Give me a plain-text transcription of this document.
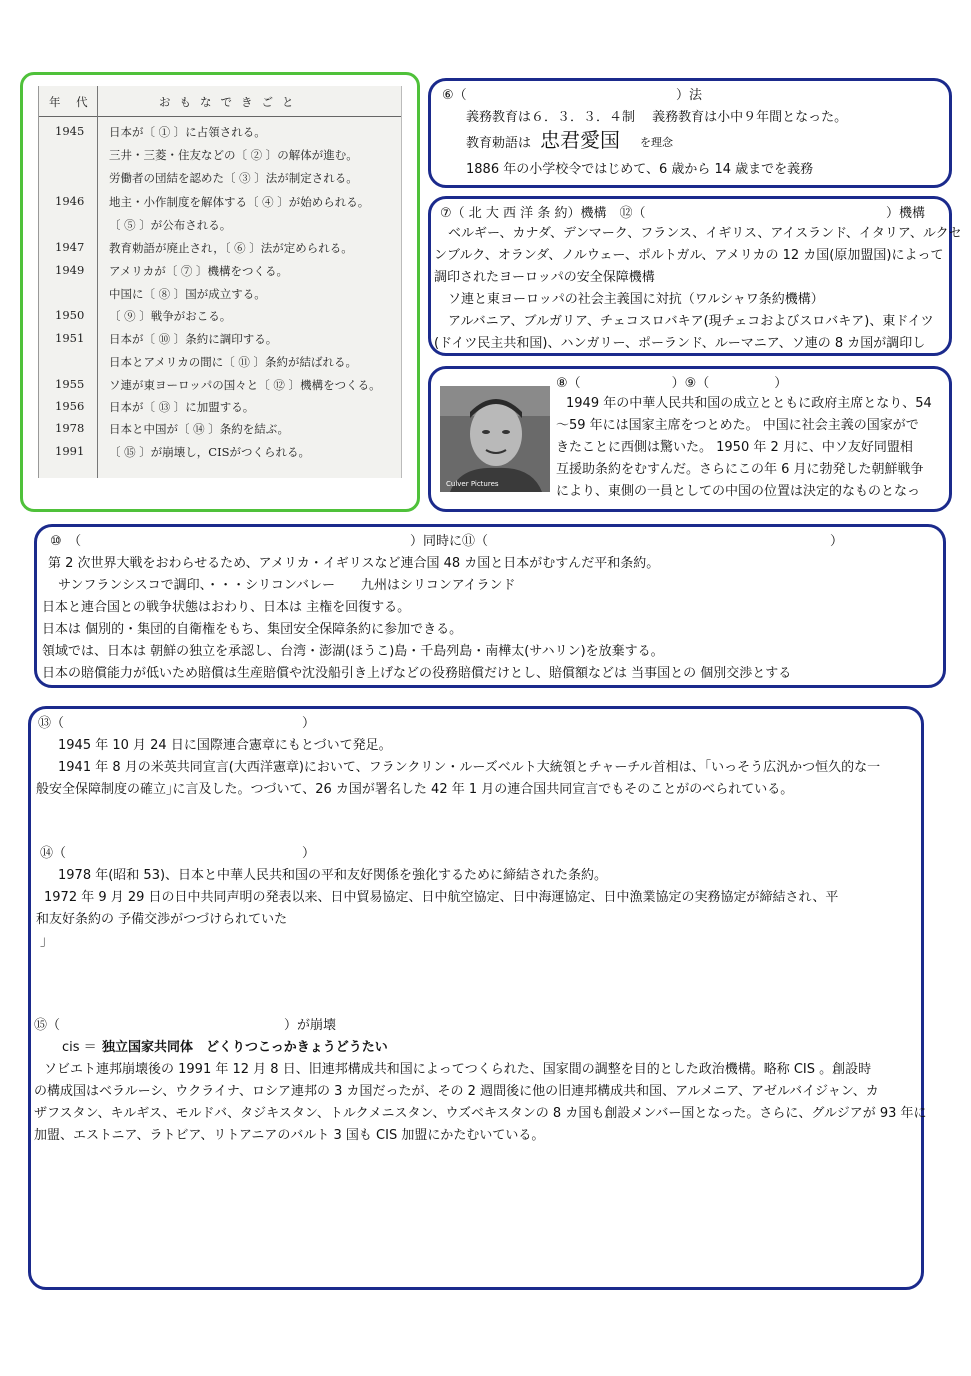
年 代	おもなできごと
1945 日本が〔 ① 〕に占領される。
三井・三菱・住友などの〔 ② 〕の解体が進む。
労働者の団結を認めた〔 ③ 〕法が制定される。
1946 地主・小作制度を解体する〔 ④ 〕が始められる。
〔 ⑤ 〕が公布される。
1947 教育勅語が廃止され，〔 ⑥ 〕法が定められる。
1949 アメリカが〔 ⑦ 〕機構をつくる。
中国に〔 ⑧ 〕国が成立する。
1950 〔 ⑨ 〕戦争がおこる。
1951 日本が〔 ⑩ 〕条約に調印する。
日本とアメリカの間に〔 ⑪ 〕条約が結ばれる。
1955 ソ連が東ヨーロッパの国々と〔 ⑫ 〕機構をつくる。
1956 日本が〔 ⑬ 〕に加盟する。
1978 日本と中国が〔 ⑭ 〕条約を結ぶ。
1991 〔 ⑮ 〕が崩壊し，CISがつくられる。
⑥（	）法
義務教育は６．３．３．４制　 義務教育は小中９年間となった。
教育勅語は 忠君愛国 を理念
1886 年の小学校令ではじめて、6 歳から 14 歳までを義務
⑦（ 北 大 西 洋 条 約）機構　⑫（	）機構
ベルギー、カナダ、デンマーク、フランス、イギリス、アイスランド、イタリア、ルクセ
ンブルク、オランダ、ノルウェー、ポルトガル、アメリカの 12 カ国(原加盟国)によって
調印されたヨーロッパの安全保障機構
ソ連と東ヨーロッパの社会主義国に対抗（ワルシャワ条約機構）
アルバニア、ブルガリア、チェコスロバキア(現チェコおよびスロバキア)、東ドイツ
(ドイツ民主共和国)、ハンガリー、ポーランド、ルーマニア、ソ連の 8 カ国が調印し
⑧（　　　　　　　）⑨（　　　　　）
Culver Pictures
1949 年の中華人民共和国の成立とともに政府主席となり、54
～59 年には国家主席をつとめた。 中国に社会主義の国家がで
きたことに西側は驚いた。 1950 年 2 月に、中ソ友好同盟相
互援助条約をむすんだ。さらにこの年 6 月に勃発した朝鮮戦争
により、東側の一員としての中国の位置は決定的なものとなっ
⑩　（	）同時に⑪（	）
第 2 次世界大戦をおわらせるため、アメリカ・イギリスなど連合国 48 カ国と日本がむすんだ平和条約。
サンフランシスコで調印、・・・シリコンバレー　　九州はシリコンアイランド
日本と連合国との戦争状態はおわり、日本は 主権を回復する。
日本は 個別的・集団的自衛権をもち、集団安全保障条約に参加できる。
領域では、日本は 朝鮮の独立を承認し、台湾・澎湖(ほうこ)島・千島列島・南樺太(サハリン)を放棄する。
日本の賠償能力が低いため賠償は生産賠償や沈没船引き上げなどの役務賠償だけとし、賠償額などは 当事国との 個別交渉とする
⑬（	）
1945 年 10 月 24 日に国際連合憲章にもとづいて発足。
1941 年 8 月の米英共同宣言(大西洋憲章)において、フランクリン・ルーズベルト大統領とチャーチル首相は、｢いっそう広汎かつ恒久的な一
般安全保障制度の確立｣に言及した。つづいて、26 カ国が署名した 42 年 1 月の連合国共同宣言でもそのことがのべられている。
⑭（	）
1978 年(昭和 53)、日本と中華人民共和国の平和友好関係を強化するために締結された条約。
1972 年 9 月 29 日の日中共同声明の発表以来、日中貿易協定、日中航空協定、日中海運協定、日中漁業協定の実務協定が締結され、平
和友好条約の 予備交渉がつづけられていた
」
⑮（	）が崩壊
cis ＝ 独立国家共同体　どくりつこっかきょうどうたい
ソビエト連邦崩壊後の 1991 年 12 月 8 日、旧連邦構成共和国によってつくられた、国家間の調整を目的とした政治機構。略称 CIS 。創設時
の構成国はベラルーシ、ウクライナ、ロシア連邦の 3 カ国だったが、その 2 週間後に他の旧連邦構成共和国、アルメニア、アゼルバイジャン、カ
ザフスタン、キルギス、モルドバ、タジキスタン、トルクメニスタン、ウズベキスタンの 8 カ国も創設メンバー国となった。さらに、グルジアが 93 年に
加盟、エストニア、ラトビア、リトアニアのバルト 3 国も CIS 加盟にかたむいている。
